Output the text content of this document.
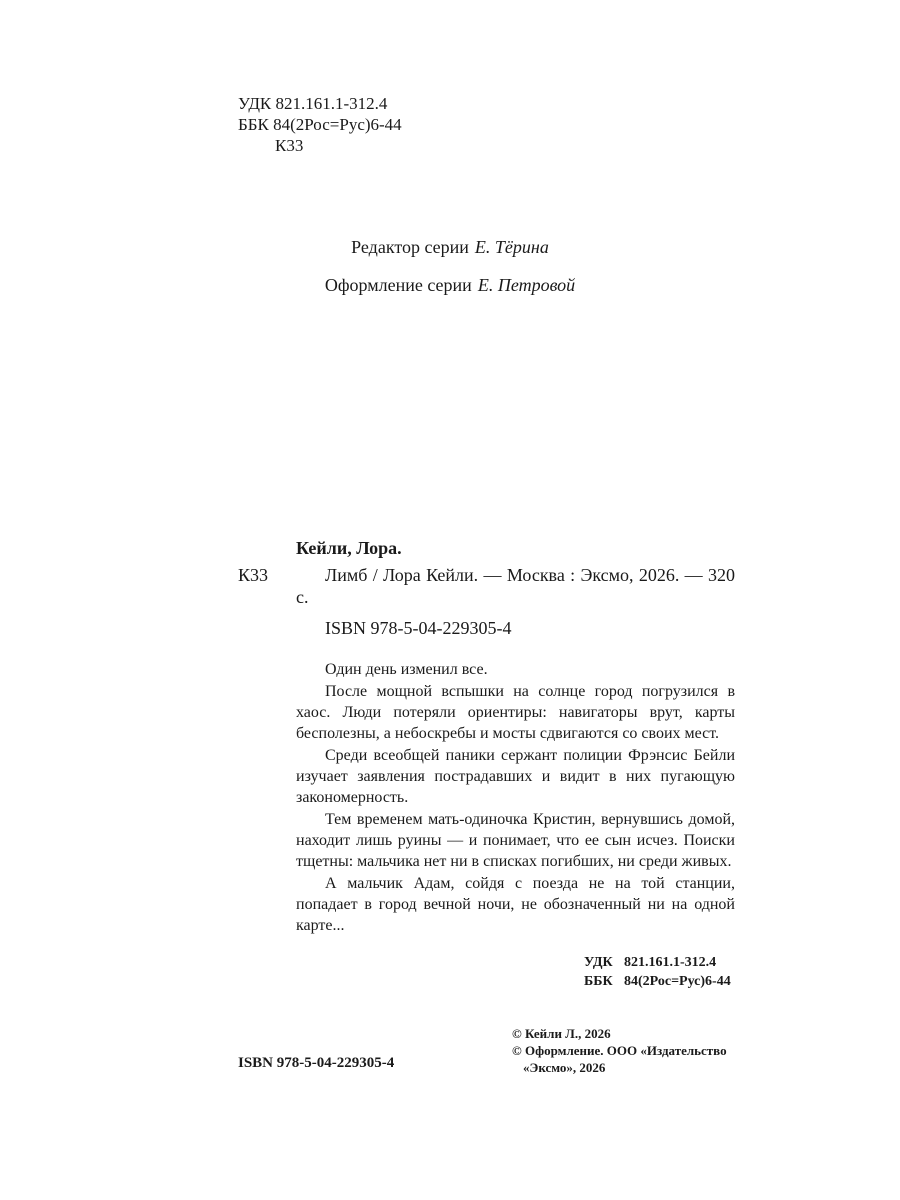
УДК 821.161.1-312.4
ББК 84(2Рос=Рус)6-44
К33
Редактор серии Е. Тёрина
Оформление серии Е. Петровой
Кейли, Лора.
К33	Лимб / Лора Кейли. — Москва : Эксмо, 2026. — 320 с.
ISBN 978-5-04-229305-4

Один день изменил все.

После мощной вспышки на солнце город погрузился в хаос. Люди потеряли ориентиры: навигаторы врут, карты бесполезны, а небоскребы и мосты сдвигаются со своих мест.

Среди всеобщей паники сержант полиции Фрэнсис Бейли изучает заявления пострадавших и видит в них пугающую закономерность.

Тем временем мать-одиночка Кристин, вернувшись домой, находит лишь руины — и понимает, что ее сын исчез. Поиски тщетны: мальчика нет ни в списках погибших, ни среди живых.

А мальчик Адам, сойдя с поезда не на той станции, попадает в город вечной ночи, не обозначенный ни на одной карте...

УДК 821.161.1-312.4
ББК 84(2Рос=Рус)6-44
© Кейли Л., 2026
© Оформление. ООО «Издательство
«Эксмо», 2026
ISBN 978-5-04-229305-4
